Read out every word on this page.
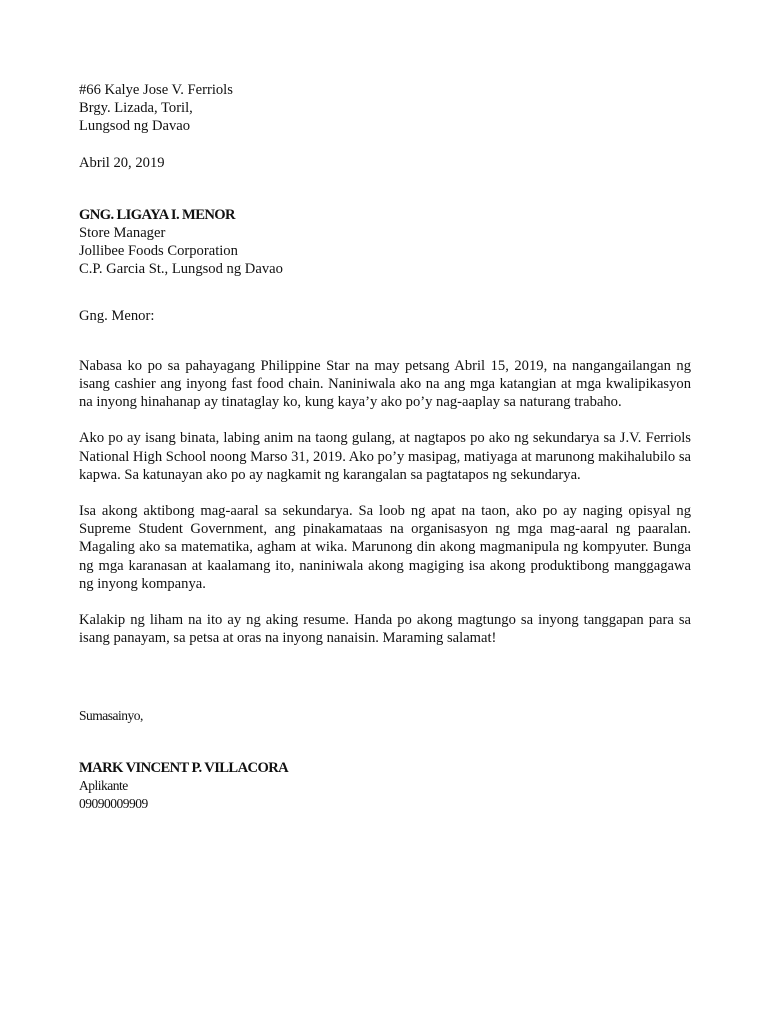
#66 Kalye Jose V. Ferriols
Brgy. Lizada, Toril,
Lungsod ng Davao
Abril 20, 2019
GNG. LIGAYA I. MENOR
Store Manager
Jollibee Foods Corporation
C.P. Garcia St., Lungsod ng Davao
Gng. Menor:

Nabasa ko po sa pahayagang Philippine Star na may petsang Abril 15, 2019, na nangangailangan ng isang cashier ang inyong fast food chain. Naniniwala ako na ang mga katangian at mga kwalipikasyon na inyong hinahanap ay tinataglay ko, kung kaya’y ako po’y nag-aaplay sa naturang trabaho.

Ako po ay isang binata, labing anim na taong gulang, at nagtapos po ako ng sekundarya sa J.V. Ferriols National High School noong Marso 31, 2019. Ako po’y masipag, matiyaga at marunong makihalubilo sa kapwa. Sa katunayan ako po ay nagkamit ng karangalan sa pagtatapos ng sekundarya.

Isa akong aktibong mag-aaral sa sekundarya. Sa loob ng apat na taon, ako po ay naging opisyal ng Supreme Student Government, ang pinakamataas na organisasyon ng mga mag-aaral ng paaralan. Magaling ako sa matematika, agham at wika. Marunong din akong magmanipula ng kompyuter. Bunga ng mga karanasan at kaalamang ito, naniniwala akong magiging isa akong produktibong manggagawa ng inyong kompanya.

Kalakip ng liham na ito ay ng aking resume. Handa po akong magtungo sa inyong tanggapan para sa isang panayam, sa petsa at oras na inyong nanaisin. Maraming salamat!

Sumasainyo,
MARK VINCENT P. VILLACORA
Aplikante
09090009909
